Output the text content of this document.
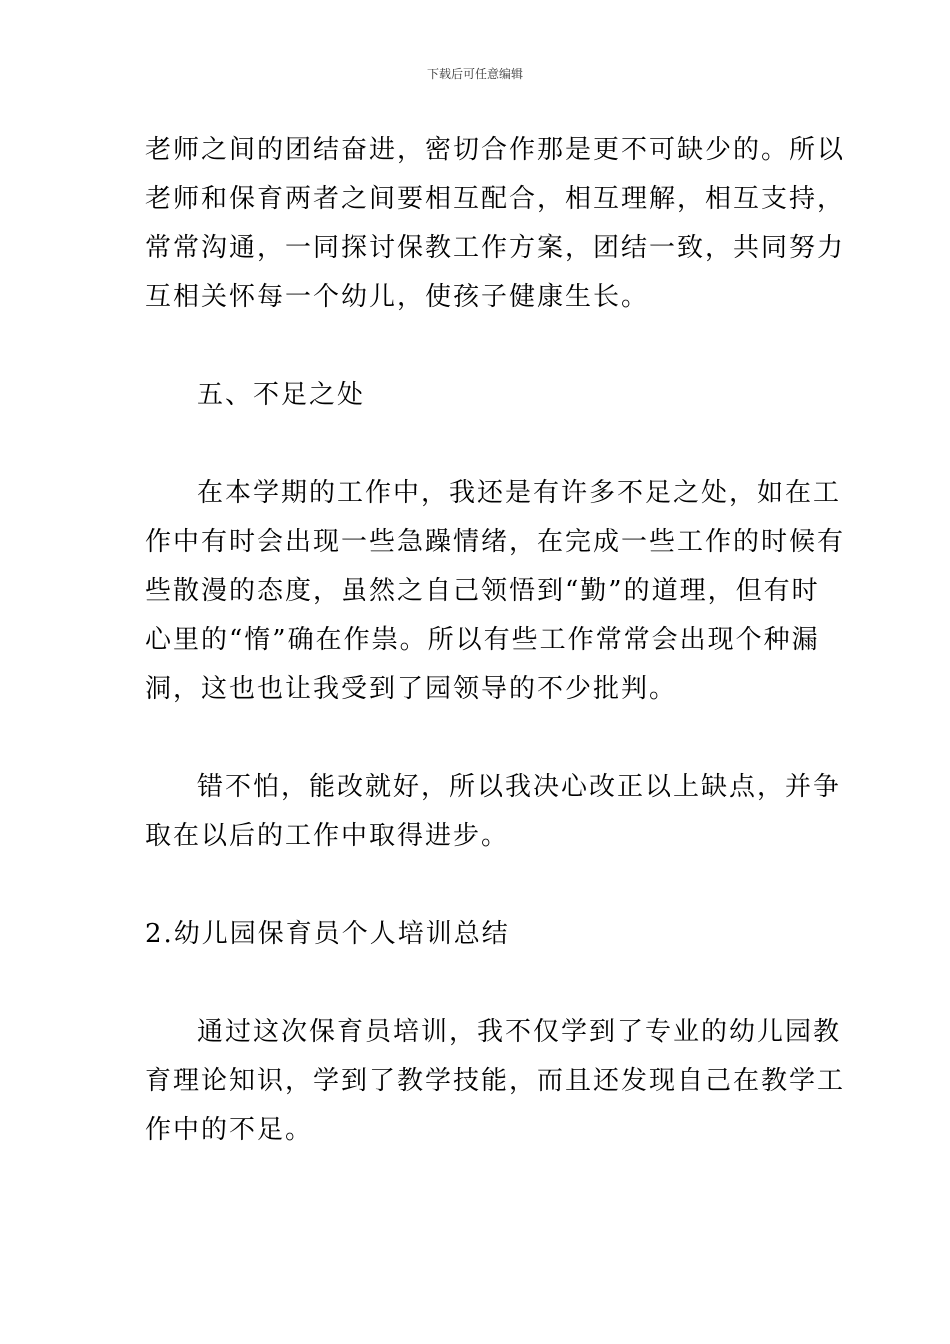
下载后可任意编辑
老师之间的团结奋进，密切合作那是更不可缺少的。所以
老师和保育两者之间要相互配合，相互理解，相互支持，
常常沟通，一同探讨保教工作方案，团结一致，共同努力
互相关怀每一个幼儿，使孩子健康生长。
五、不足之处
在本学期的工作中，我还是有许多不足之处，如在工
作中有时会出现一些急躁情绪，在完成一些工作的时候有
些散漫的态度，虽然之自己领悟到“勤”的道理，但有时
心里的“惰”确在作祟。所以有些工作常常会出现个种漏
洞，这也也让我受到了园领导的不少批判。
错不怕，能改就好，所以我决心改正以上缺点，并争
取在以后的工作中取得进步。
2.幼儿园保育员个人培训总结
通过这次保育员培训，我不仅学到了专业的幼儿园教
育理论知识，学到了教学技能，而且还发现自己在教学工
作中的不足。
